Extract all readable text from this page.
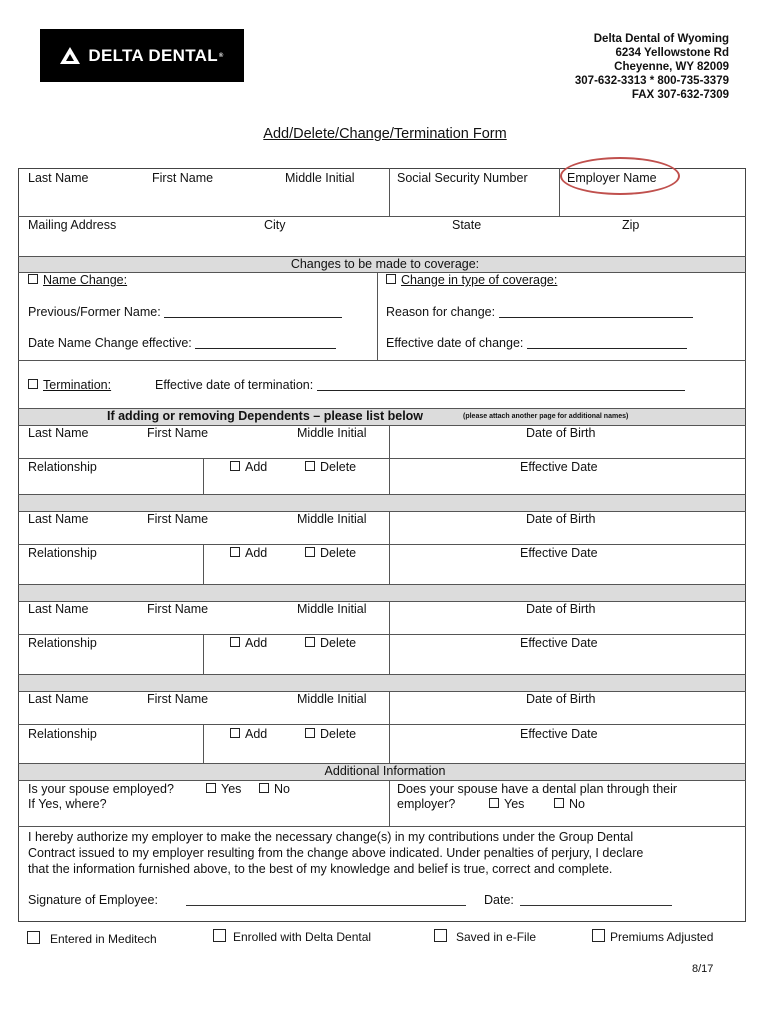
DELTA DENTAL ®
Delta Dental of Wyoming
6234 Yellowstone Rd
Cheyenne, WY 82009
307-632-3313 * 800-735-3379
FAX 307-632-7309
Add/Delete/Change/Termination Form
Last Name	First Name	Middle Initial	Social Security Number	Employer Name
Mailing Address	City	State	Zip
Changes to be made to coverage:
Name Change:
Previous/Former Name:
Date Name Change effective:
Change in type of coverage:
Reason for change:
Effective date of change:
Termination:	Effective date of termination:
If adding or removing Dependents – please list below	(please attach another page for additional names)
Last Name	First Name	Middle Initial	Date of Birth
Relationship	Add	Delete	Effective Date
Last Name	First Name	Middle Initial	Date of Birth
Relationship	Add	Delete	Effective Date
Last Name	First Name	Middle Initial	Date of Birth
Relationship	Add	Delete	Effective Date
Last Name	First Name	Middle Initial	Date of Birth
Relationship	Add	Delete	Effective Date
Additional Information
Is your spouse employed?	Yes	No
If Yes, where?
Does your spouse have a dental plan through their
employer?	Yes	No
I hereby authorize my employer to make the necessary change(s) in my contributions under the Group Dental
Contract issued to my employer resulting from the change above indicated. Under penalties of perjury, I declare
that the information furnished above, to the best of my knowledge and belief is true, correct and complete.
Signature of Employee:	Date:
Entered in Meditech	Enrolled with Delta Dental	Saved in e-File	Premiums Adjusted
8/17
